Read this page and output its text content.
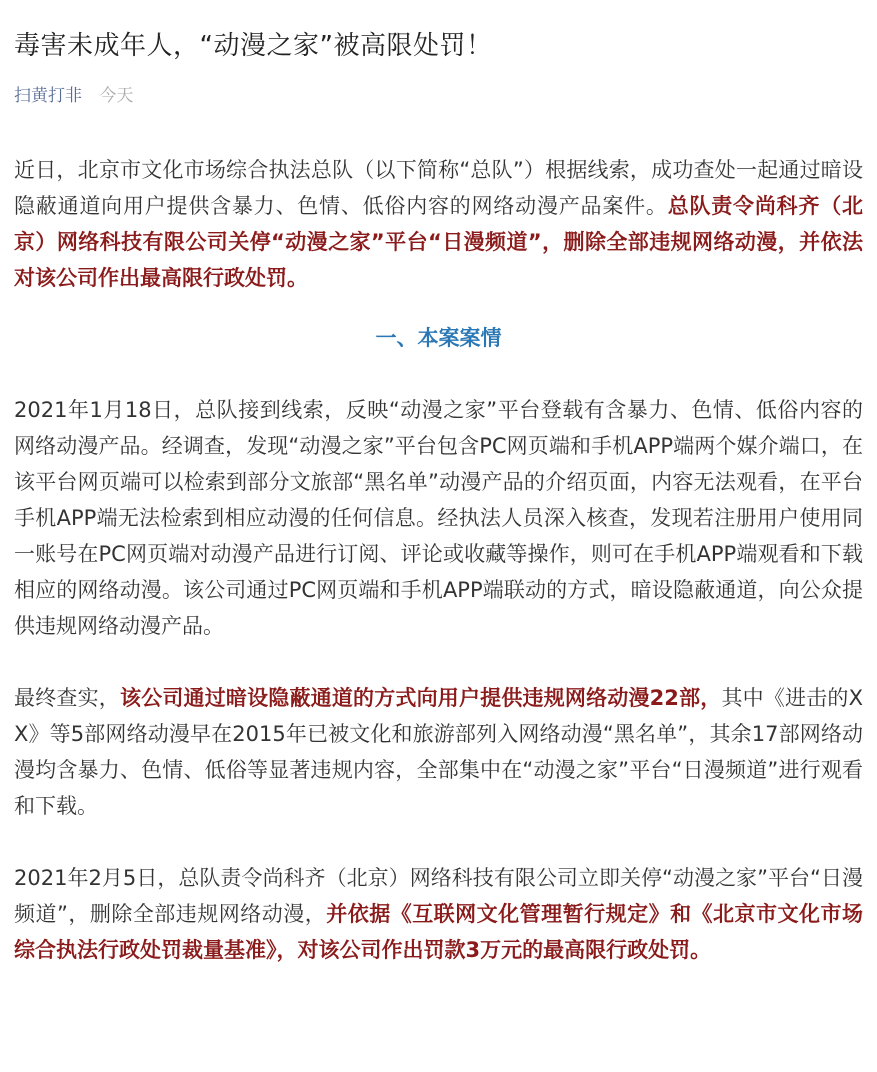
毒害未成年人，“动漫之家”被高限处罚！
扫黄打非 今天

近日，北京市文化市场综合执法总队（以下简称“总队”）根据线索，成功查处一起通过暗设隐蔽通道向用户提供含暴力、色情、低俗内容的网络动漫产品案件。总队责令尚科齐（北京）网络科技有限公司关停“动漫之家”平台“日漫频道”，删除全部违规网络动漫，并依法对该公司作出最高限行政处罚。

一、本案案情

2021年1月18日，总队接到线索，反映“动漫之家”平台登载有含暴力、色情、低俗内容的网络动漫产品。经调查，发现“动漫之家”平台包含PC网页端和手机APP端两个媒介端口，在该平台网页端可以检索到部分文旅部“黑名单”动漫产品的介绍页面，内容无法观看，在平台手机APP端无法检索到相应动漫的任何信息。经执法人员深入核查，发现若注册用户使用同一账号在PC网页端对动漫产品进行订阅、评论或收藏等操作，则可在手机APP端观看和下载相应的网络动漫。该公司通过PC网页端和手机APP端联动的方式，暗设隐蔽通道，向公众提供违规网络动漫产品。

最终查实，该公司通过暗设隐蔽通道的方式向用户提供违规网络动漫22部，其中《进击的XX》等5部网络动漫早在2015年已被文化和旅游部列入网络动漫“黑名单”，其余17部网络动漫均含暴力、色情、低俗等显著违规内容，全部集中在“动漫之家”平台“日漫频道”进行观看和下载。

2021年2月5日，总队责令尚科齐（北京）网络科技有限公司立即关停“动漫之家”平台“日漫频道”，删除全部违规网络动漫，并依据《互联网文化管理暂行规定》和《北京市文化市场综合执法行政处罚裁量基准》，对该公司作出罚款3万元的最高限行政处罚。
